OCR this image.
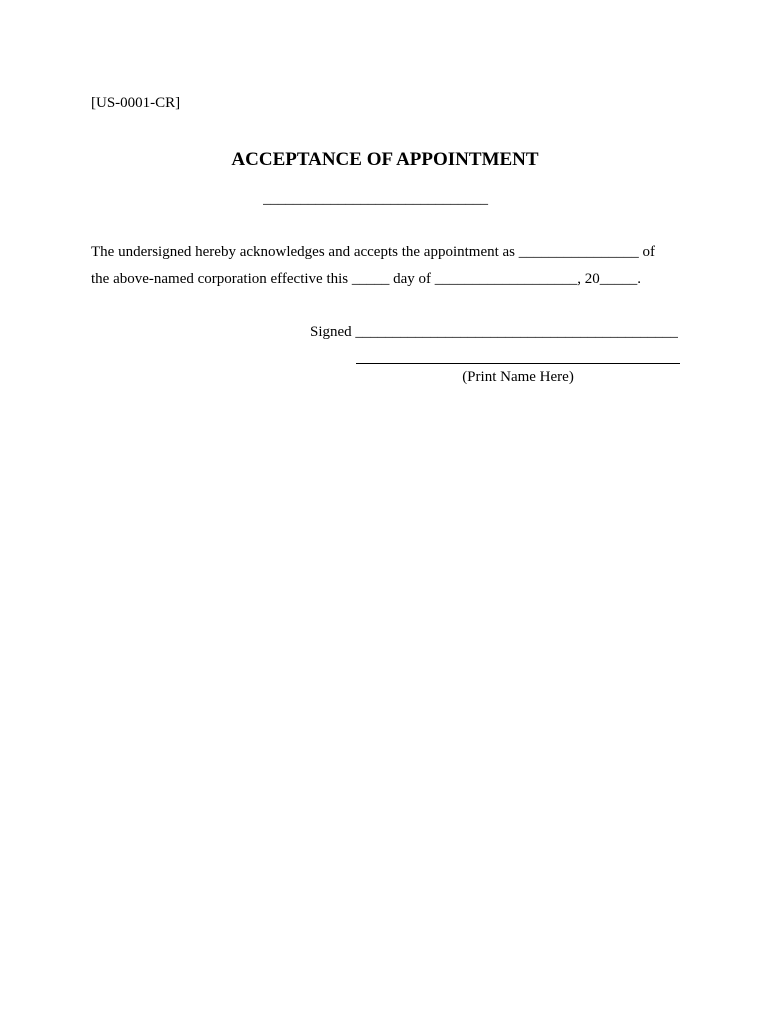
[US-0001-CR]
ACCEPTANCE OF APPOINTMENT
______________________________
The undersigned hereby acknowledges and accepts the appointment as ________________ of
the above-named corporation effective this _____ day of ___________________, 20_____.
Signed ___________________________________________
(Print Name Here)
